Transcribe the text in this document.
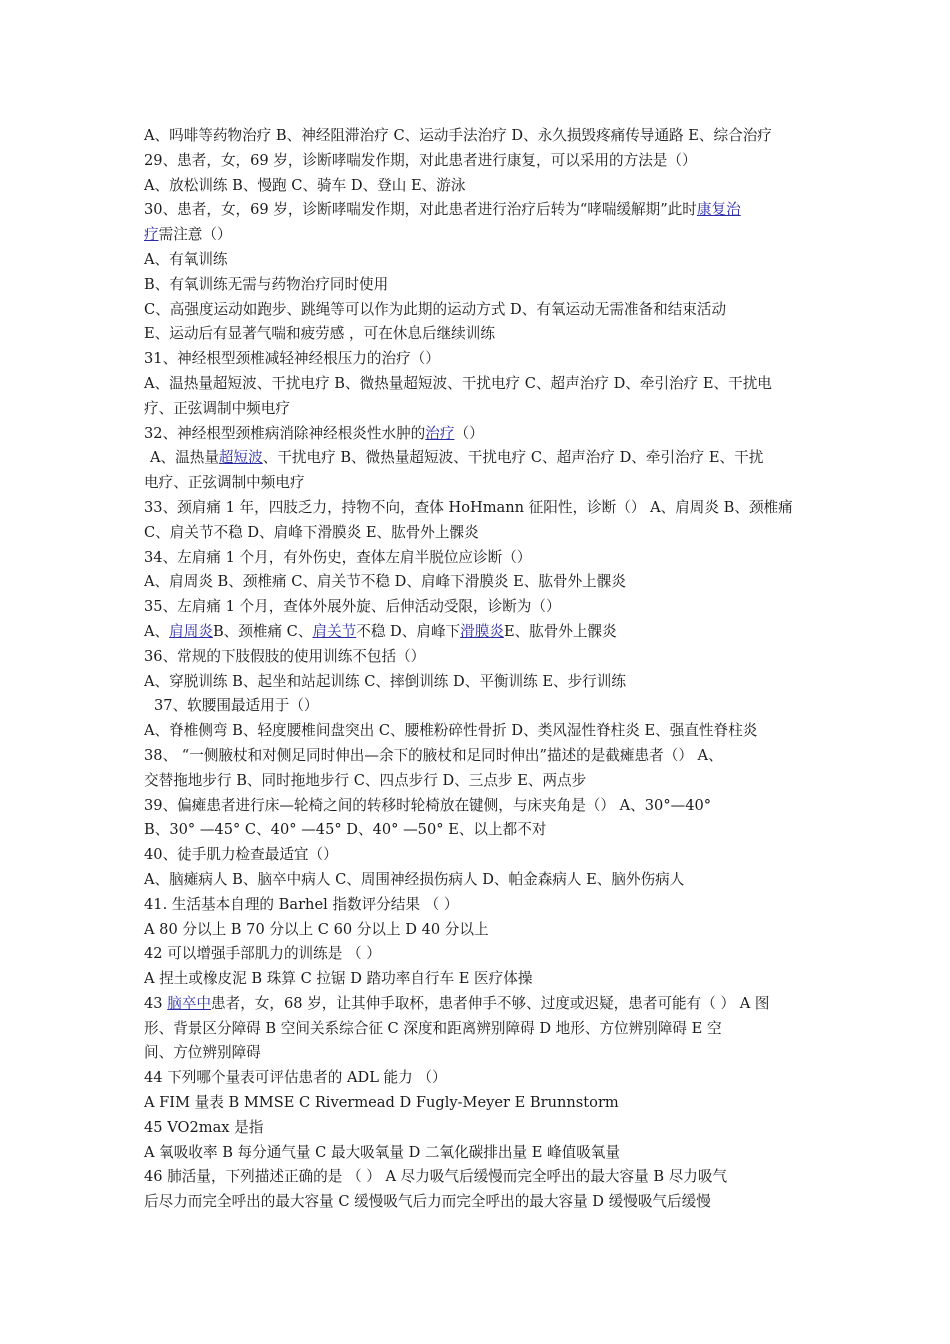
A、吗啡等药物治疗 B、神经阻滞治疗 C、运动手法治疗 D、永久损毁疼痛传导通路 E、综合治疗
29、患者，女，69 岁，诊断哮喘发作期，对此患者进行康复，可以采用的方法是（）
A、放松训练 B、慢跑 C、骑车 D、登山 E、游泳
30、患者，女，69 岁，诊断哮喘发作期，对此患者进行治疗后转为“哮喘缓解期”此时康复治
疗需注意（）
A、有氧训练
B、有氧训练无需与药物治疗同时使用
C、高强度运动如跑步、跳绳等可以作为此期的运动方式 D、有氧运动无需准备和结束活动
E、运动后有显著气喘和疲劳感 ，可在休息后继续训练
31、神经根型颈椎减轻神经根压力的治疗（）
A、温热量超短波、干扰电疗 B、微热量超短波、干扰电疗 C、超声治疗 D、牵引治疗 E、干扰电
疗、正弦调制中频电疗
32、神经根型颈椎病消除神经根炎性水肿的治疗（）
A、温热量超短波、干扰电疗 B、微热量超短波、干扰电疗 C、超声治疗 D、牵引治疗 E、干扰
电疗、正弦调制中频电疗
33、颈肩痛 1 年，四肢乏力，持物不向，查体 HoHmann 征阳性，诊断（） A、肩周炎 B、颈椎痛
C、肩关节不稳 D、肩峰下滑膜炎 E、肱骨外上髁炎
34、左肩痛 1 个月，有外伤史，查体左肩半脱位应诊断（）
A、肩周炎 B、颈椎痛 C、肩关节不稳 D、肩峰下滑膜炎 E、肱骨外上髁炎
35、左肩痛 1 个月，查体外展外旋、后伸活动受限，诊断为（）
A、肩周炎B、颈椎痛 C、肩关节不稳 D、肩峰下滑膜炎E、肱骨外上髁炎
36、常规的下肢假肢的使用训练不包括（）
A、穿脱训练 B、起坐和站起训练 C、摔倒训练 D、平衡训练 E、步行训练
37、软腰围最适用于（）
A、脊椎侧弯 B、轻度腰椎间盘突出 C、腰椎粉碎性骨折 D、类风湿性脊柱炎 E、强直性脊柱炎
38、 “一侧腋杖和对侧足同时伸出—余下的腋杖和足同时伸出”描述的是截瘫患者（） A、
交替拖地步行 B、同时拖地步行 C、四点步行 D、三点步 E、两点步
39、偏瘫患者进行床—轮椅之间的转移时轮椅放在键侧，与床夹角是（） A、30°—40°
B、30° —45° C、40° —45° D、40° —50° E、以上都不对
40、徒手肌力检查最适宜（）
A、脑瘫病人 B、脑卒中病人 C、周围神经损伤病人 D、帕金森病人 E、脑外伤病人
41. 生活基本自理的 Barhel 指数评分结果 （ ）
A 80 分以上 B 70 分以上 C 60 分以上 D 40 分以上
42 可以增强手部肌力的训练是 （ ）
A 捏土或橡皮泥 B 珠算 C 拉锯 D 踏功率自行车 E 医疗体操
43 脑卒中患者，女，68 岁，让其伸手取杯，患者伸手不够、过度或迟疑，患者可能有（ ） A 图
形、背景区分障碍 B 空间关系综合征 C 深度和距离辨别障碍 D 地形、方位辨别障碍 E 空
间、方位辨别障碍
44 下列哪个量表可评估患者的 ADL 能力 （）
A FIM 量表 B MMSE C Rivermead D Fugly-Meyer E Brunnstorm
45 VO2max 是指
A 氧吸收率 B 每分通气量 C 最大吸氧量 D 二氧化碳排出量 E 峰值吸氧量
46 肺活量，下列描述正确的是 （ ） A 尽力吸气后缓慢而完全呼出的最大容量 B 尽力吸气
后尽力而完全呼出的最大容量 C 缓慢吸气后力而完全呼出的最大容量 D 缓慢吸气后缓慢
